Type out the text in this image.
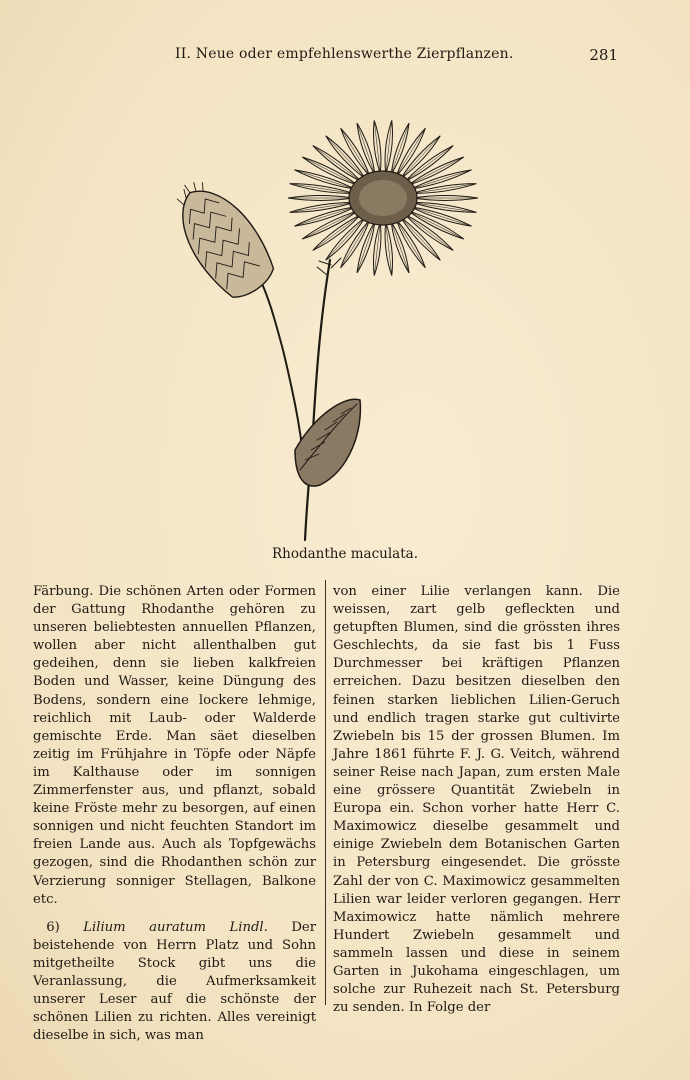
II. Neue oder empfehlenswerthe Zierpflanzen.	281
Rhodanthe maculata.

Färbung. Die schönen Arten oder Formen der Gattung Rhodanthe gehören zu unseren beliebtesten annuellen Pflanzen, wollen aber nicht allenthalben gut gedeihen, denn sie lieben kalkfreien Boden und Wasser, keine Düngung des Bodens, sondern eine lockere lehmige, reichlich mit Laub- oder Walderde gemischte Erde. Man säet dieselben zeitig im Frühjahre in Töpfe oder Näpfe im Kalthause oder im sonnigen Zimmerfenster aus, und pflanzt, sobald keine Fröste mehr zu besorgen, auf einen sonnigen und nicht feuchten Standort im freien Lande aus. Auch als Topfgewächs gezogen, sind die Rhodanthen schön zur Verzierung sonniger Stellagen, Balkone etc.

 6) Lilium auratum Lindl. Der beistehende von Herrn Platz und Sohn mitgetheilte Stock gibt uns die Veranlassung, die Aufmerksamkeit unserer Leser auf die schönste der schönen Lilien zu richten. Alles vereinigt dieselbe in sich, was man

von einer Lilie verlangen kann. Die weissen, zart gelb gefleckten und getupften Blumen, sind die grössten ihres Geschlechts, da sie fast bis 1 Fuss Durchmesser bei kräftigen Pflanzen erreichen. Dazu besitzen dieselben den feinen starken lieblichen Lilien-Geruch und endlich tragen starke gut cultivirte Zwiebeln bis 15 der grossen Blumen. Im Jahre 1861 führte F. J. G. Veitch, während seiner Reise nach Japan, zum ersten Male eine grössere Quantität Zwiebeln in Europa ein. Schon vorher hatte Herr C. Maximowicz dieselbe gesammelt und einige Zwiebeln dem Botanischen Garten in Petersburg eingesendet. Die grösste Zahl der von C. Maximowicz gesammelten Lilien war leider verloren gegangen. Herr Maximowicz hatte nämlich mehrere Hundert Zwiebeln gesammelt und sammeln lassen und diese in seinem Garten in Jukohama eingeschlagen, um solche zur Ruhezeit nach St. Petersburg zu senden. In Folge der
